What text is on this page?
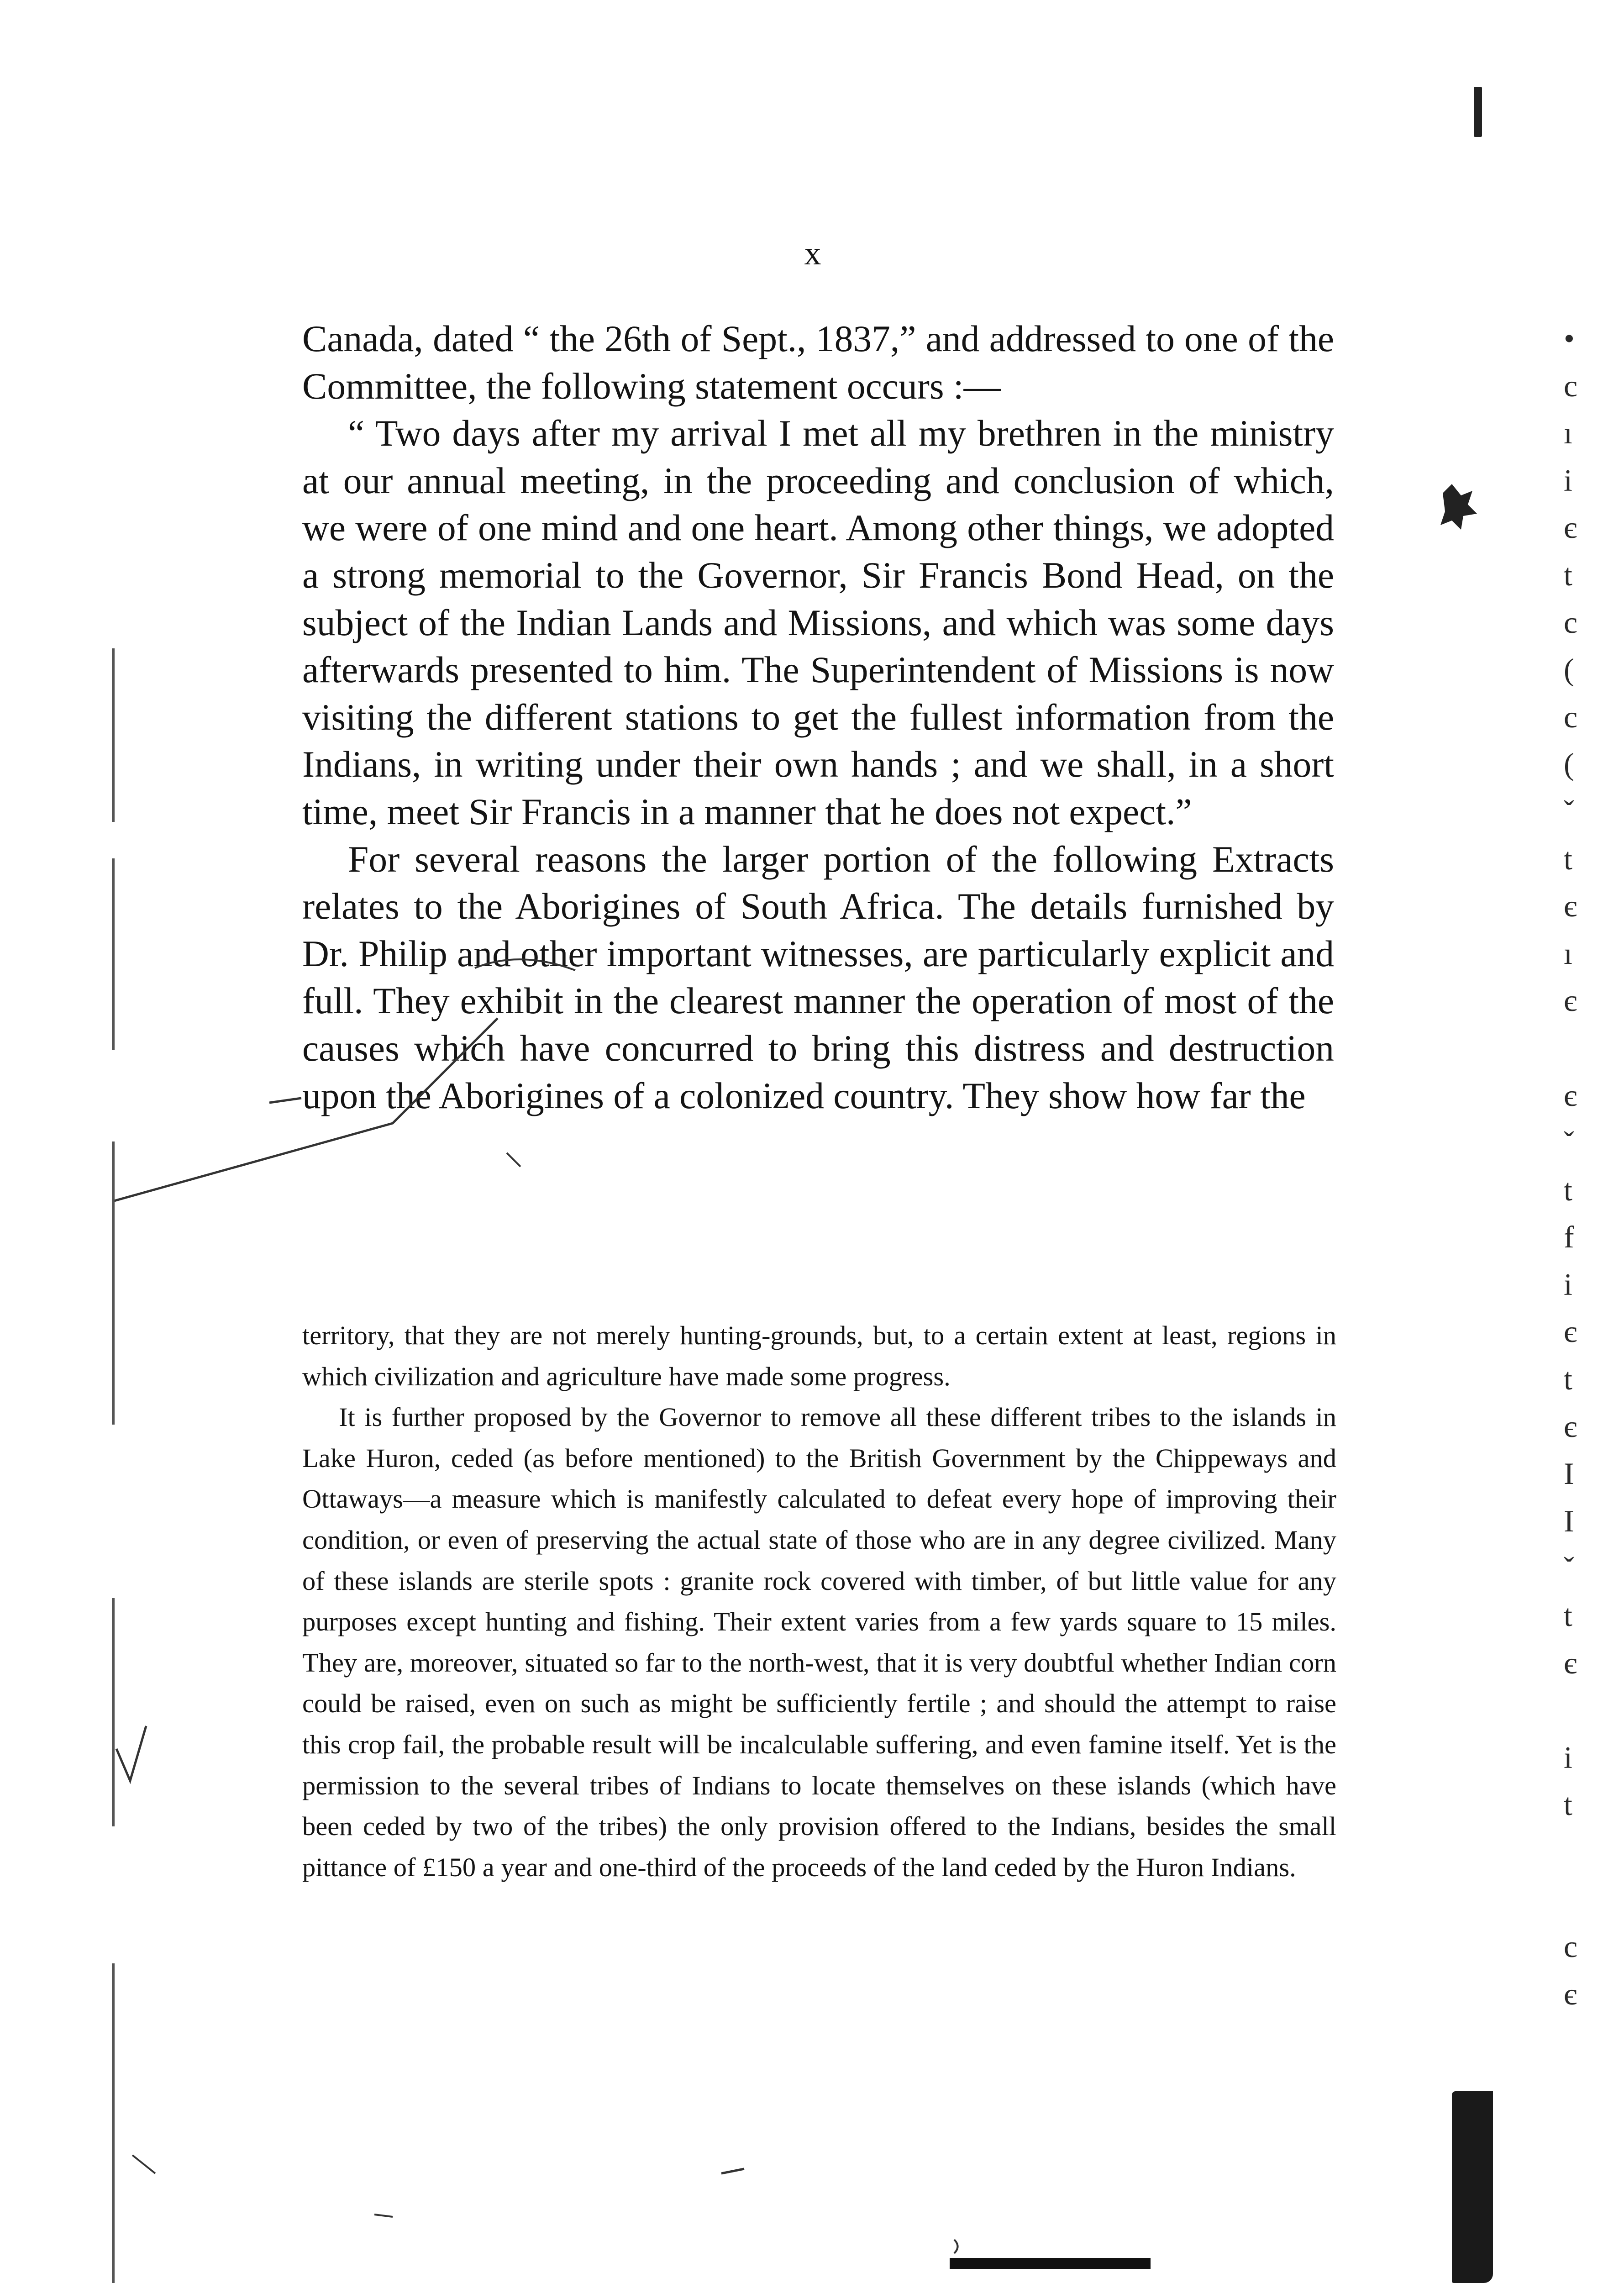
x

Canada, dated “ the 26th of Sept., 1837,” and addressed to one of the Committee, the following statement occurs :—

“ Two days after my arrival I met all my brethren in the ministry at our annual meeting, in the proceeding and conclusion of which, we were of one mind and one heart. Among other things, we adopted a strong memorial to the Governor, Sir Francis Bond Head, on the subject of the Indian Lands and Missions, and which was some days afterwards presented to him. The Superintendent of Missions is now visiting the different stations to get the fullest information from the Indians, in writing under their own hands ; and we shall, in a short time, meet Sir Francis in a manner that he does not expect.”

For several reasons the larger portion of the following Extracts relates to the Aborigines of South Africa. The details furnished by Dr. Philip and other important witnesses, are particularly explicit and full. They exhibit in the clearest manner the operation of most of the causes which have concurred to bring this distress and destruction upon the Aborigines of a colonized country. They show how far the

territory, that they are not merely hunting-grounds, but, to a certain extent at least, regions in which civilization and agriculture have made some progress.

It is further proposed by the Governor to remove all these different tribes to the islands in Lake Huron, ceded (as before mentioned) to the British Government by the Chippeways and Ottaways—a measure which is manifestly calculated to defeat every hope of improving their condition, or even of preserving the actual state of those who are in any degree civilized. Many of these islands are sterile spots : granite rock covered with timber, of but little value for any purposes except hunting and fishing. Their extent varies from a few yards square to 15 miles. They are, moreover, situated so far to the north-west, that it is very doubtful whether Indian corn could be raised, even on such as might be sufficiently fertile ; and should the attempt to raise this crop fail, the probable result will be incalculable suffering, and even famine itself. Yet is the permission to the several tribes of Indians to locate themselves on these islands (which have been ceded by two of the tribes) the only provision offered to the Indians, besides the small pittance of £150 a year and one-third of the proceeds of the land ceded by the Huron Indians.

•
c
ı
i
є
t
c
(
c
(
ˇ
t
є
ı
є
є
ˇ
t
f
i
є
t
є
I
I
ˇ
t
є
i
t
c
є
